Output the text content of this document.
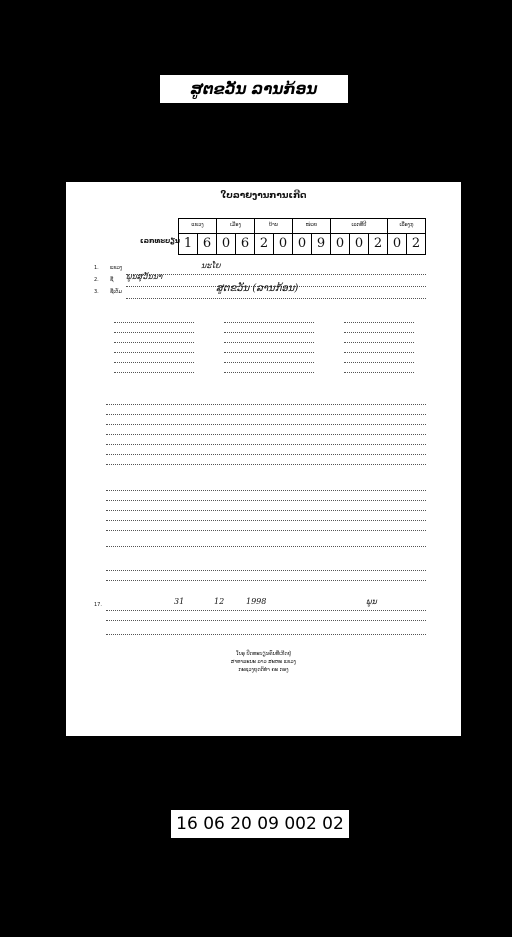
ສູຕຂວັນ ລານກ້ອນ
ໃບລາຍງານການເກີດ
ເລກທະບຽນ
ແຂວງ		ເມືອງ		ບ້ານ		ໜ່ວຍ		ເລກທີ່ປີ			ເລື່ອງກຸ	
1	6	0	6	2	0	0	9	0	0	2	0	2
1. ແຂວງ	ນະໂຍ
2. ຊື່ ພູນສຸວັນນາ
3. ຊື່ເຕັມ	ສູຕຂວັນ (ລານກ້ອນ)
17.	31	12	1998	ພູນ
ໃບອຸ ປຶດທະບຽນຄົນທີ່ເກີດຢູ່
ສາທາລະນະ ລາວ ສະຫະ ແຂວງ
ກະຊວງຍຸດຕິທໍາ ຄະ ກອງ
16 06 20 09 002 02
